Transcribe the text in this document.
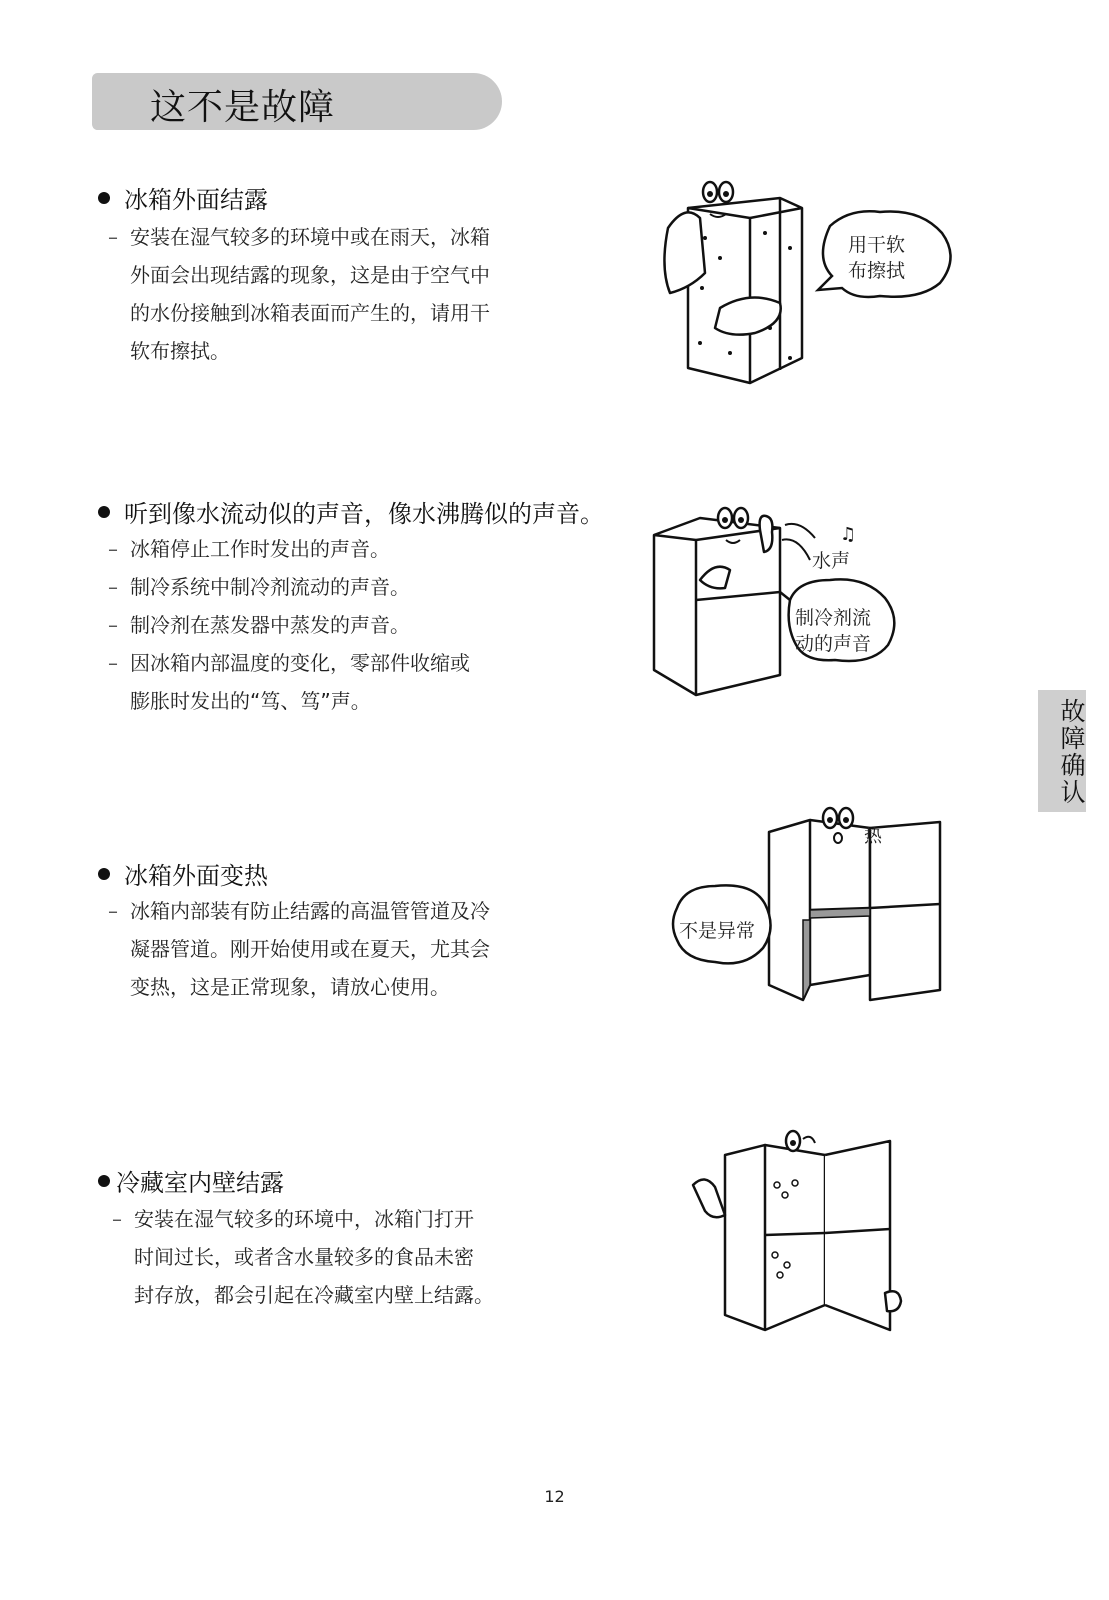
这不是故障
冰箱外面结露
– 安装在湿气较多的环境中或在雨天，冰箱
外面会出现结露的现象，这是由于空气中
的水份接触到冰箱表面而产生的，请用干
软布擦拭。
用干软
布擦拭
听到像水流动似的声音，像水沸腾似的声音。
– 冰箱停止工作时发出的声音。
– 制冷系统中制冷剂流动的声音。
– 制冷剂在蒸发器中蒸发的声音。
– 因冰箱内部温度的变化，零部件收缩或
膨胀时发出的“笃、笃”声。
♫
水声
制冷剂流
动的声音
冰箱外面变热
– 冰箱内部装有防止结露的高温管管道及冷
凝器管道。刚开始使用或在夏天，尤其会
变热，这是正常现象，请放心使用。
热
不是异常
冷藏室内壁结露
– 安装在湿气较多的环境中，冰箱门打开
时间过长，或者含水量较多的食品未密
封存放，都会引起在冷藏室内壁上结露。
故障确认
12
